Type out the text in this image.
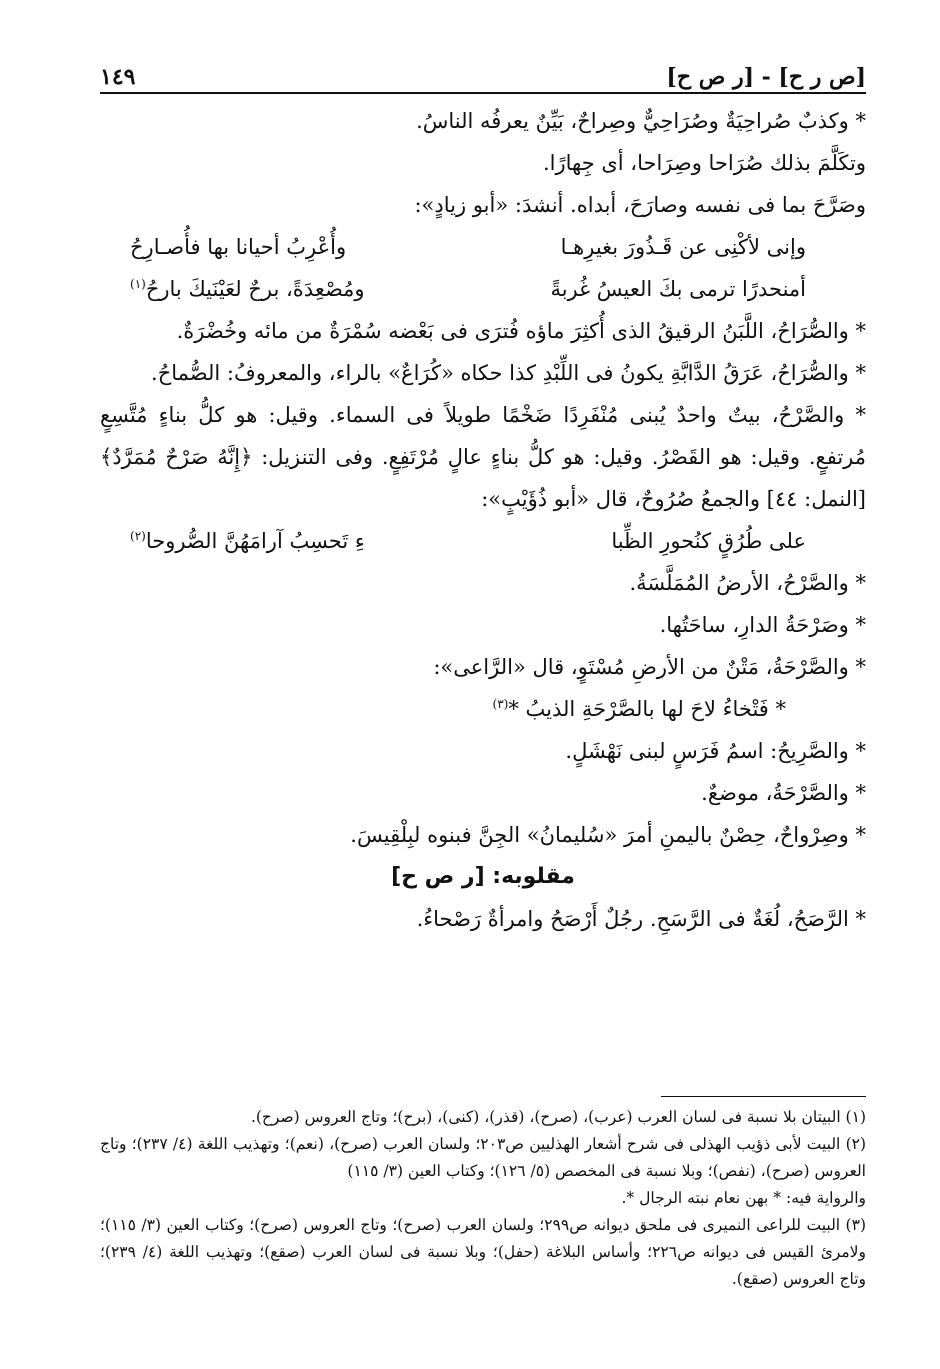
[ص ر ح] - [ر ص ح]
١٤٩

* وكذبٌ صُراحِيَةٌ وصُرَاحِيٌّ وصِراحٌ، بَيِّنٌ يعرفُه الناسُ.

وتكَلَّمَ بذلك صُرَاحا وصِرَاحا، أى جِهارًا.

وصَرَّحَ بما فى نفسه وصارَحَ، أبداه. أنشدَ: «أبو زيادٍ»:

وإنى لأكْنِى عن قَـذُورَ بغيرِهـا
وأُعْرِبُ أحيانا بها فأُصـارِحُ
أمنحدرًا ترمى بكَ العيسُ غُربةً
ومُصْعِدَةً، برحٌ لعَيْنَيكَ بارحُ$^{(١)}$

* والصُّرَاحُ، اللَّبَنُ الرقيقُ الذى أُكثِرَ ماؤه فُترَى فى بَعْضه سُمْرَةٌ من مائه وخُضْرَةٌ.

* والصُّرَاحُ، عَرَقُ الدَّابَّةِ يكونُ فى اللِّبْدِ كذا حكاه «كُرَاعٌ» بالراء، والمعروفُ: الصُّماحُ.

* والصَّرْحُ، بيتٌ واحدٌ يُبنى مُنْفَرِدًا ضَخْمًا طويلاً فى السماء. وقيل: هو كلُّ بناءٍ مُتَّسِعٍ مُرتفعٍ. وقيل: هو القَصْرُ. وقيل: هو كلُّ بناءٍ عالٍ مُرْتَفِعٍ. وفى التنزيل: ﴿إِنَّهُ صَرْحٌ مُمَرَّدٌ﴾ [النمل: ٤٤] والجمعُ صُرُوحٌ، قال «أبو ذُؤَيْبٍ»:

على طُرُقٍ كنُحورِ الظِّبا
ءِ تَحسِبُ آرامَهُنَّ الصُّروحا$^{(٢)}$

* والصَّرْحُ، الأرضُ المُمَلَّسَةُ.

* وصَرْحَةُ الدارِ، ساحَتُها.

* والصَّرْحَةُ، مَتْنٌ من الأرضِ مُسْتَوٍ، قال «الرَّاعى»:

* فَتْخاءُ لاحَ لها بالصَّرْحَةِ الذيبُ *$^{(٣)}$

* والصَّرِيحُ: اسمُ فَرَسٍ لبنى نَهْشَلٍ.

* والصَّرْحَةُ، موضعٌ.

* وصِرْواحٌ، حِصْنٌ باليمنِ أمرَ «سُليمانُ» الجِنَّ فبنوه لبِلْقِيسَ.

مقلوبه: [ر ص ح]

* الرَّصَحُ، لُغَةٌ فى الرَّسَحِ. رجُلٌ أَرْصَحُ وامرأةٌ رَصْحاءُ.

(١) البيتان بلا نسبة فى لسان العرب (عرب)، (صرح)، (قذر)، (كنى)، (برح)؛ وتاج العروس (صرح).

(٢) البيت لأبى ذؤيب الهذلى فى شرح أشعار الهذليين ص٢٠٣؛ ولسان العرب (صرح)، (نعم)؛ وتهذيب اللغة (٤/ ٢٣٧)؛ وتاج العروس (صرح)، (نفص)؛ وبلا نسبة فى المخصص (٥/ ١٢٦)؛ وكتاب العين (٣/ ١١٥)

والرواية فيه: * بهن نعام نبته الرجال *.

(٣) البيت للراعى النميرى فى ملحق ديوانه ص٢٩٩؛ ولسان العرب (صرح)؛ وتاج العروس (صرح)؛ وكتاب العين (٣/ ١١٥)؛ ولامرئ القيس فى ديوانه ص٢٢٦؛ وأساس البلاغة (حفل)؛ وبلا نسبة فى لسان العرب (صقع)؛ وتهذيب اللغة (٤/ ٢٣٩)؛ وتاج العروس (صقع).
